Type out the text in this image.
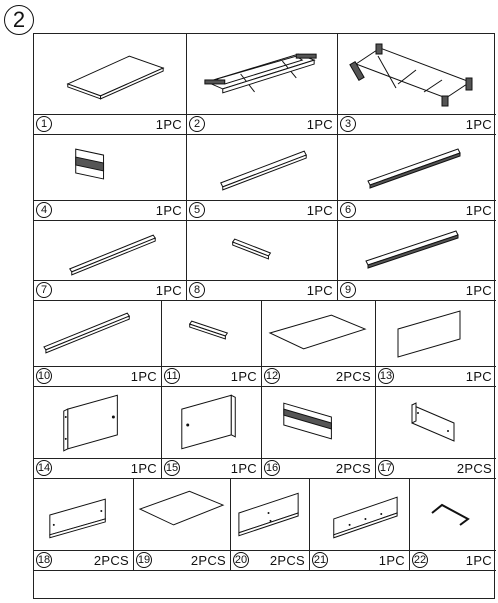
2
1	1PC	2	1PC	3	1PC
4	1PC	5	1PC	6	1PC
7	1PC	8	1PC	9	1PC
10	1PC 11	1PC 12	2PCS 13	1PC
14	1PC 15	1PC 16	2PCS 17	2PCS
18	2PCS 19	2PCS 20 2PCS 21	1PC 22	1PC
